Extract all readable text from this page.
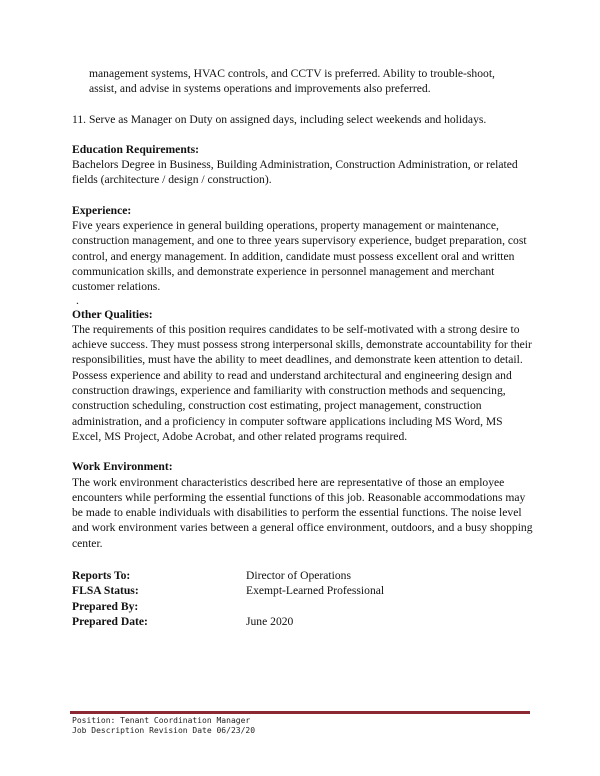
management systems, HVAC controls, and CCTV is preferred. Ability to trouble-shoot,

assist, and advise in systems operations and improvements also preferred.

11. Serve as Manager on Duty on assigned days, including select weekends and holidays.

Education Requirements:

Bachelors Degree in Business, Building Administration, Construction Administration, or related fields (architecture / design / construction).

Experience:

Five years experience in general building operations, property management or maintenance, construction management, and one to three years supervisory experience, budget preparation, cost control, and energy management. In addition, candidate must possess excellent oral and written communication skills, and demonstrate experience in personnel management and merchant customer relations.

.

Other Qualities:

The requirements of this position requires candidates to be self-motivated with a strong desire to achieve success. They must possess strong interpersonal skills, demonstrate accountability for their responsibilities, must have the ability to meet deadlines, and demonstrate keen attention to detail. Possess experience and ability to read and understand architectural and engineering design and construction drawings, experience and familiarity with construction methods and sequencing, construction scheduling, construction cost estimating, project management, construction administration, and a proficiency in computer software applications including MS Word, MS Excel, MS Project, Adobe Acrobat, and other related programs required.

Work Environment:

The work environment characteristics described here are representative of those an employee encounters while performing the essential functions of this job. Reasonable accommodations may be made to enable individuals with disabilities to perform the essential functions. The noise level and work environment varies between a general office environment, outdoors, and a busy shopping center.

Reports To:	Director of Operations
FLSA Status:	Exempt-Learned Professional
Prepared By:
Prepared Date:	June 2020
Position: Tenant Coordination Manager
Job Description Revision Date 06/23/20
